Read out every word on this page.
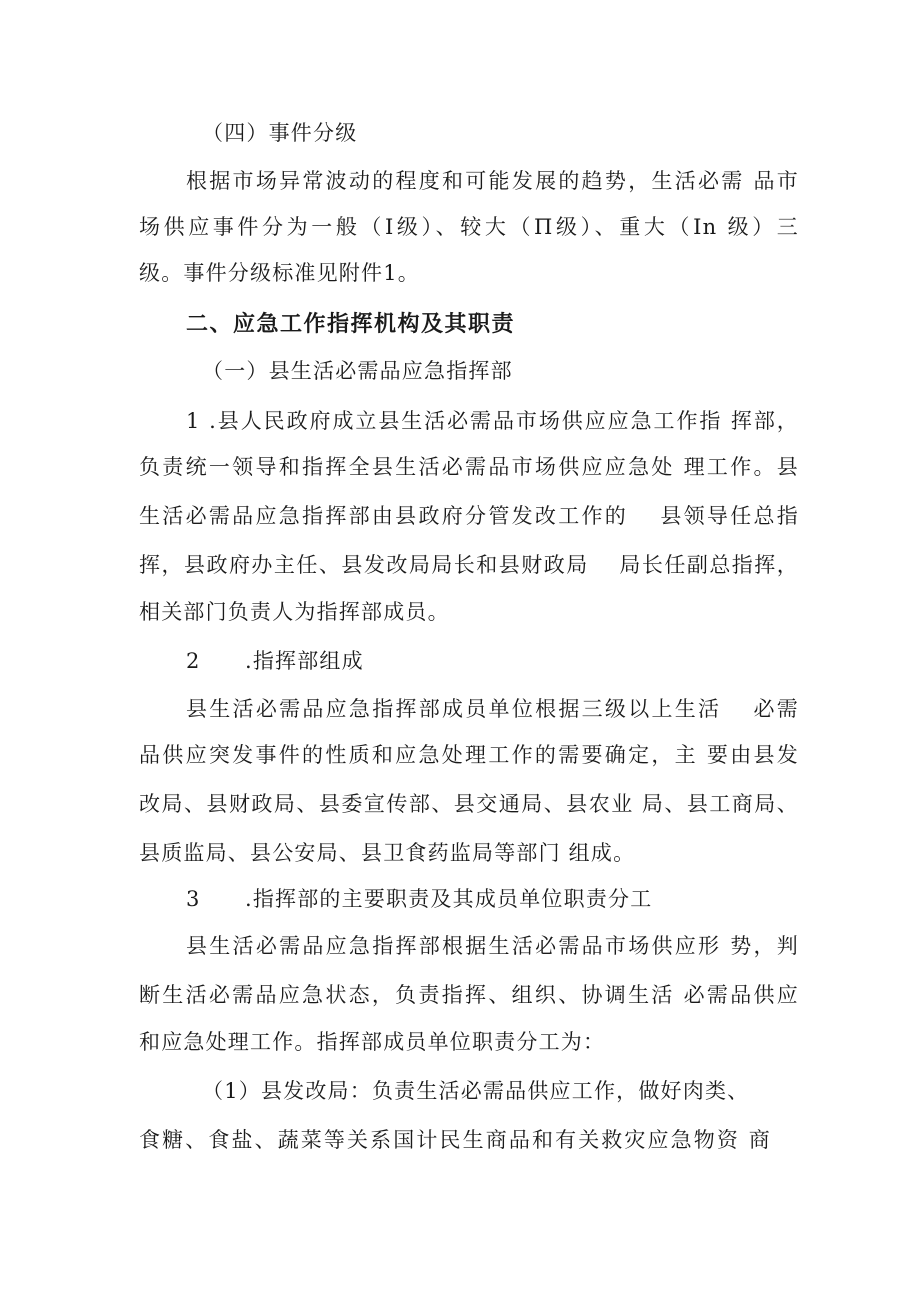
（四）事件分级
根据市场异常波动的程度和可能发展的趋势，生活必需 品市
场供应事件分为一般（Ⅰ级）、较大（Π级）、重大（In 级）三
级。事件分级标准见附件1。
二、应急工作指挥机构及其职责
（一）县生活必需品应急指挥部
1 .县人民政府成立县生活必需品市场供应应急工作指 挥部，
负责统一领导和指挥全县生活必需品市场供应应急处 理工作。县
生活必需品应急指挥部由县政府分管发改工作的　 县领导任总指
挥，县政府办主任、县发改局局长和县财政局　 局长任副总指挥，
相关部门负责人为指挥部成员。
2　　.指挥部组成
县生活必需品应急指挥部成员单位根据三级以上生活　 必需
品供应突发事件的性质和应急处理工作的需要确定，主 要由县发
改局、县财政局、县委宣传部、县交通局、县农业 局、县工商局、
县质监局、县公安局、县卫食药监局等部门 组成。
3　　.指挥部的主要职责及其成员单位职责分工
县生活必需品应急指挥部根据生活必需品市场供应形 势，判
断生活必需品应急状态，负责指挥、组织、协调生活 必需品供应
和应急处理工作。指挥部成员单位职责分工为：
（1）县发改局：负责生活必需品供应工作，做好肉类、
食糖、食盐、蔬菜等关系国计民生商品和有关救灾应急物资 商
